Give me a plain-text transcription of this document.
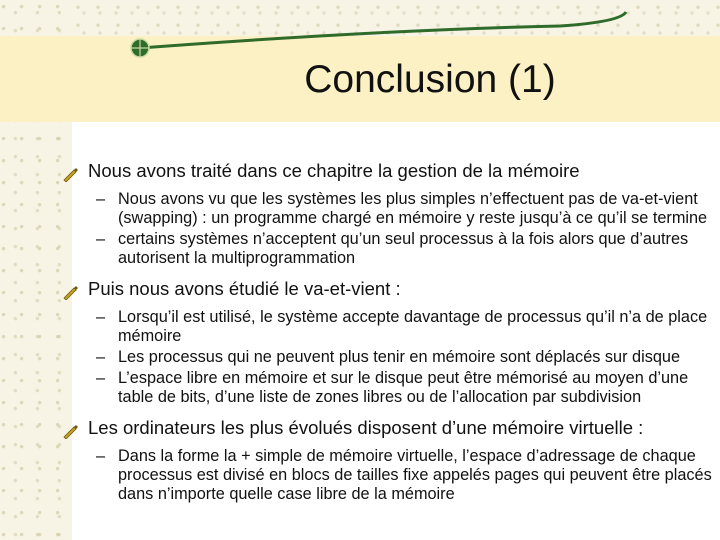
Conclusion (1)
Nous avons traité dans ce chapitre la gestion de la mémoire
– Nous avons vu que les systèmes les plus simples n’effectuent pas de va-et-vient (swapping) : un programme chargé en mémoire y reste jusqu’à ce qu’il se termine
– certains systèmes n’acceptent qu’un seul processus à la fois alors que d’autres autorisent la multiprogrammation
Puis nous avons étudié le va-et-vient :
– Lorsqu’il est utilisé, le système accepte davantage de processus qu’il n’a de place mémoire
– Les processus qui ne peuvent plus tenir en mémoire sont déplacés sur disque
– L’espace libre en mémoire et sur le disque peut être mémorisé au moyen d’une table de bits, d’une liste de zones libres ou de l’allocation par subdivision
Les ordinateurs les plus évolués disposent d’une mémoire virtuelle :
– Dans la forme la + simple de mémoire virtuelle, l’espace d’adressage de chaque processus est divisé en blocs de tailles fixe appelés pages qui peuvent être placés dans n’importe quelle case libre de la mémoire
